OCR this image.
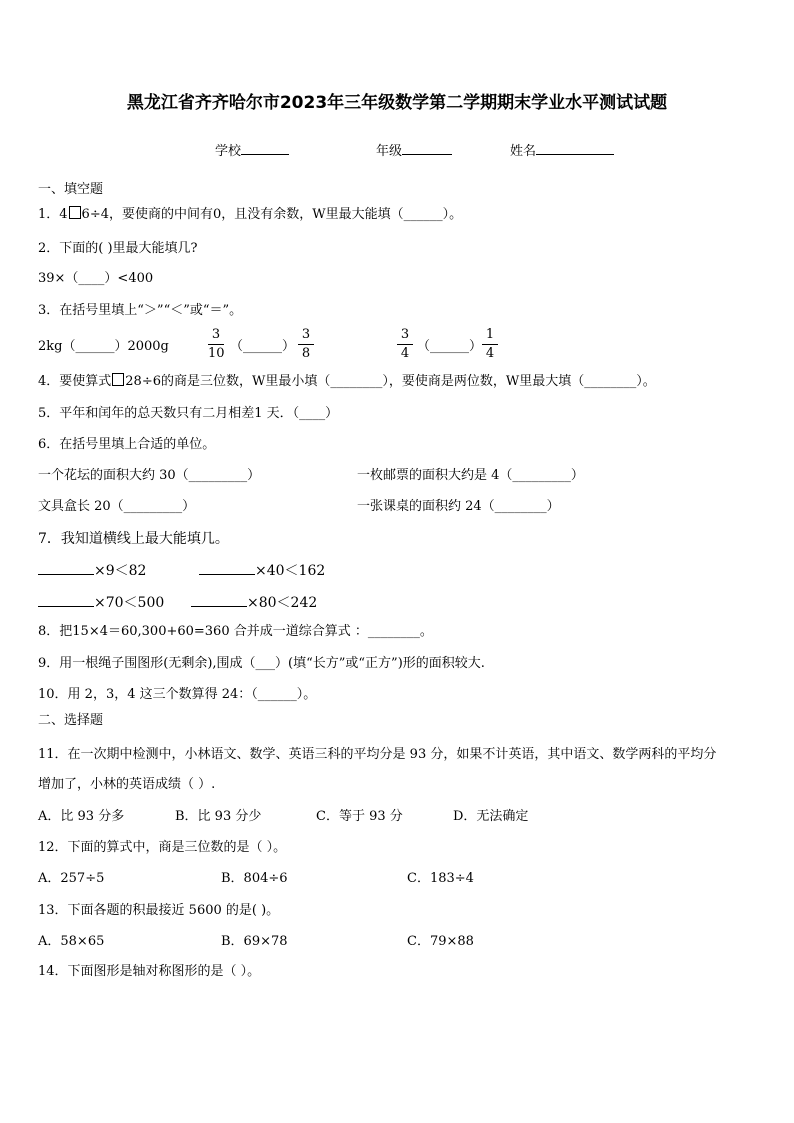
黑龙江省齐齐哈尔市2023年三年级数学第二学期期末学业水平测试试题
学校	年级	姓名
一、填空题
1．4 6÷4，要使商的中间有0，且没有余数，W里最大能填（______）。
2．下面的( )里最大能填几?
39×（____）<400
3．在括号里填上“＞”“＜”或“＝”。
2kg（______）2000g
3
10 （______）
3
8
3
4 （______）
1
4
4．要使算式 28÷6的商是三位数，W里最小填（________），要使商是两位数，W里最大填（________）。
5．平年和闰年的总天数只有二月相差1 天．（____）
6．在括号里填上合适的单位。
一个花坛的面积大约 30（_________）	一枚邮票的面积大约是 4（_________）
文具盒长 20（_________）	一张课桌的面积约 24（________）
7．我知道横线上最大能填几。
×9＜82	×40＜162
×70＜500	×80＜242
8．把15×4＝60,300+60=360 合并成一道综合算式 ：________。
9．用一根绳子围图形(无剩余),围成（___）(填“长方”或“正方”)形的面积较大.
10．用 2，3，4 这三个数算得 24：（______）。
二、选择题
11．在一次期中检测中，小林语文、数学、英语三科的平均分是 93 分，如果不计英语，其中语文、数学两科的平均分
增加了，小林的英语成绩（ ）.
A．比 93 分多	B．比 93 分少	C．等于 93 分	D．无法确定
12．下面的算式中，商是三位数的是（ ）。
A．257÷5	B．804÷6	C．183÷4
13．下面各题的积最接近 5600 的是( )。
A．58×65	B．69×78	C．79×88
14．下面图形是轴对称图形的是（ ）。
